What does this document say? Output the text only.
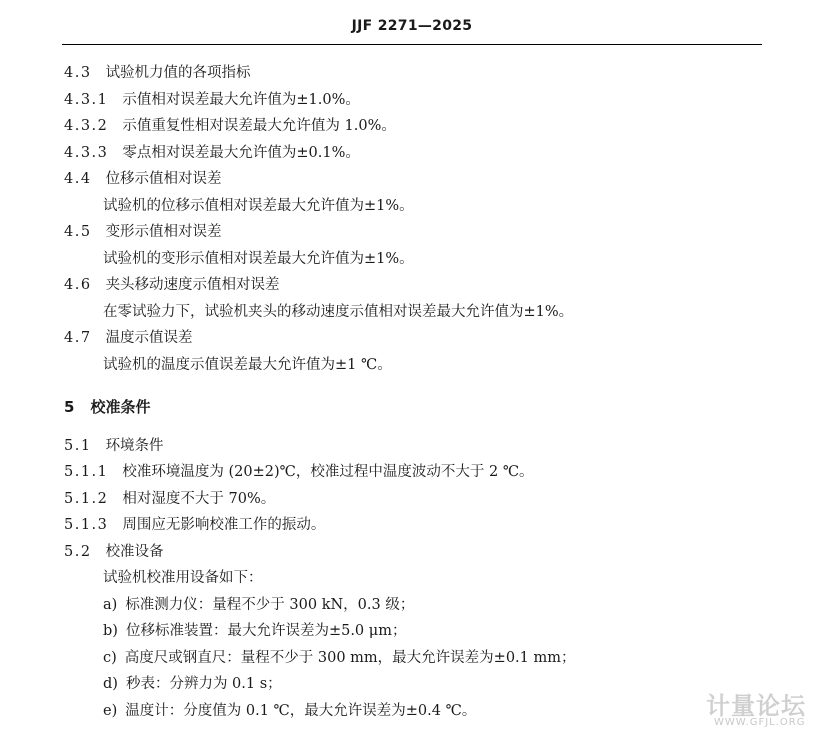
JJF 2271—2025
4.3 试验机力值的各项指标
4.3.1 示值相对误差最大允许值为±1.0%。
4.3.2 示值重复性相对误差最大允许值为 1.0%。
4.3.3 零点相对误差最大允许值为±0.1%。
4.4 位移示值相对误差
试验机的位移示值相对误差最大允许值为±1%。
4.5 变形示值相对误差
试验机的变形示值相对误差最大允许值为±1%。
4.6 夹头移动速度示值相对误差
在零试验力下，试验机夹头的移动速度示值相对误差最大允许值为±1%。
4.7 温度示值误差
试验机的温度示值误差最大允许值为±1 ℃。
5 校准条件
5.1 环境条件
5.1.1 校准环境温度为 (20±2)℃，校准过程中温度波动不大于 2 ℃。
5.1.2 相对湿度不大于 70%。
5.1.3 周围应无影响校准工作的振动。
5.2 校准设备
试验机校准用设备如下：
a) 标准测力仪：量程不少于 300 kN，0.3 级；
b) 位移标准装置：最大允许误差为±5.0 μm；
c) 高度尺或钢直尺：量程不少于 300 mm，最大允许误差为±0.1 mm；
d) 秒表：分辨力为 0.1 s；
e) 温度计：分度值为 0.1 ℃，最大允许误差为±0.4 ℃。	计量论坛
WWW.GFJL.ORG
